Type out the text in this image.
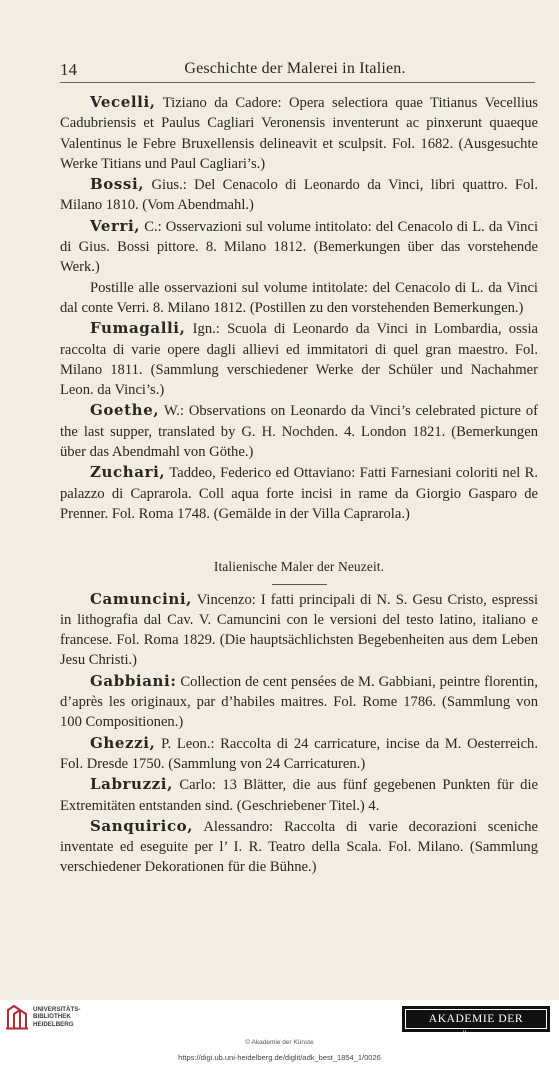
14	Geschichte der Malerei in Italien.
Vecelli, Tiziano da Cadore: Opera selectiora quae Titianus Vecellius Cadubriensis et Paulus Cagliari Veronensis inventerunt ac pinxerunt quaeque Valentinus le Febre Bruxellensis delineavit et sculpsit. Fol. 1682. (Ausgesuchte Werke Titians und Paul Cagliari’s.)
Bossi, Gius.: Del Cenacolo di Leonardo da Vinci, libri quattro. Fol. Milano 1810. (Vom Abendmahl.)
Verri, C.: Osservazioni sul volume intitolato: del Cenacolo di L. da Vinci di Gius. Bossi pittore. 8. Milano 1812. (Bemerkungen über das vorstehende Werk.)
Postille alle osservazioni sul volume intitolate: del Cenacolo di L. da Vinci dal conte Verri. 8. Milano 1812. (Postillen zu den vorstehenden Bemerkungen.)
Fumagalli, Ign.: Scuola di Leonardo da Vinci in Lombardia, ossia raccolta di varie opere dagli allievi ed immitatori di quel gran maestro. Fol. Milano 1811. (Sammlung verschiedener Werke der Schüler und Nachahmer Leon. da Vinci’s.)
Goethe, W.: Observations on Leonardo da Vinci’s celebrated picture of the last supper, translated by G. H. Nochden. 4. London 1821. (Bemerkungen über das Abendmahl von Göthe.)
Zuchari, Taddeo, Federico ed Ottaviano: Fatti Farnesiani coloriti nel R. palazzo di Caprarola. Coll aqua forte incisi in rame da Giorgio Gasparo de Prenner. Fol. Roma 1748. (Gemälde in der Villa Caprarola.)
Italienische Maler der Neuzeit.
Camuncini, Vincenzo: I fatti principali di N. S. Gesu Cristo, espressi in lithografia dal Cav. V. Camuncini con le versioni del testo latino, italiano e francese. Fol. Roma 1829. (Die hauptsächlichsten Begebenheiten aus dem Leben Jesu Christi.)
Gabbiani: Collection de cent pensées de M. Gabbiani, peintre florentin, d’après les originaux, par d’habiles maitres. Fol. Rome 1786. (Sammlung von 100 Compositionen.)
Ghezzi, P. Leon.: Raccolta di 24 carricature, incise da M. Oesterreich. Fol. Dresde 1750. (Sammlung von 24 Carricaturen.)
Labruzzi, Carlo: 13 Blätter, die aus fünf gegebenen Punkten für die Extremitäten entstanden sind. (Geschriebener Titel.) 4.
Sanquirico, Alessandro: Raccolta di varie decorazioni sceniche inventate ed eseguite per l’ I. R. Teatro della Scala. Fol. Milano. (Sammlung verschiedener Dekorationen für die Bühne.)
UNIVERSITÄTS-
BIBLIOTHEK
HEIDELBERG	AKADEMIE DER KÜNSTE
© Akademie der Künste
https://digi.ub.uni-heidelberg.de/diglit/adk_best_1854_1/0026
